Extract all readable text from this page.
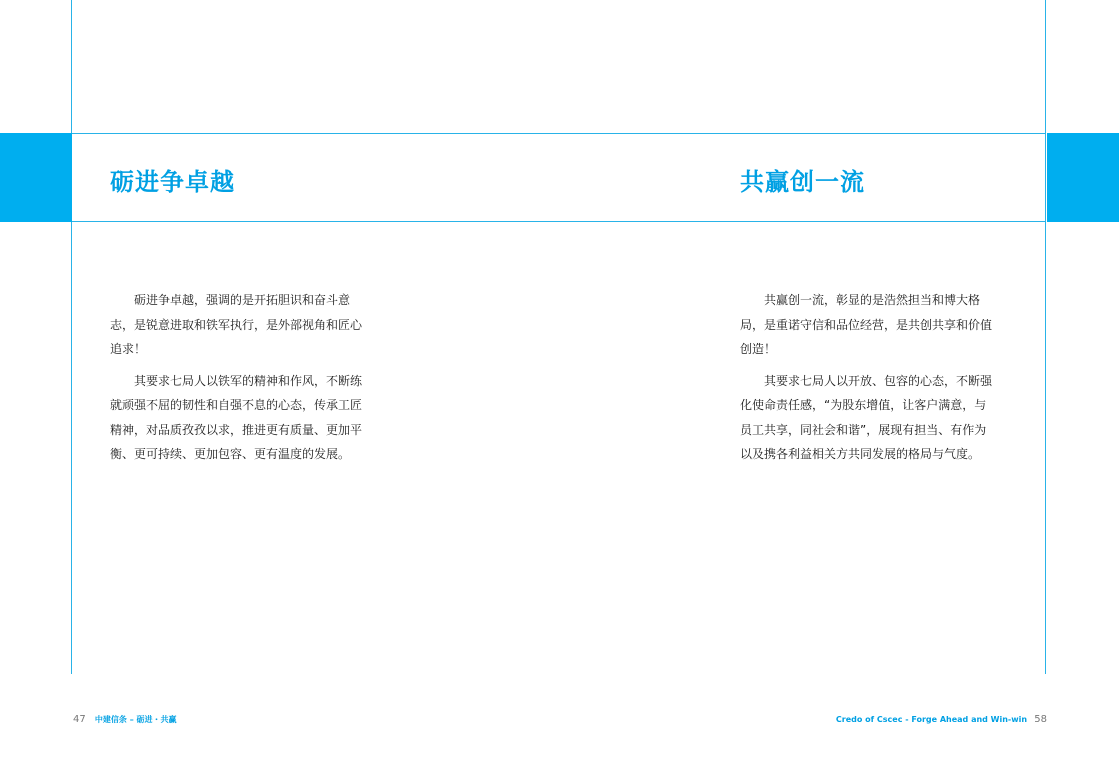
砺进争卓越

砺进争卓越，强调的是开拓胆识和奋斗意志，是锐意进取和铁军执行，是外部视角和匠心追求！

其要求七局人以铁军的精神和作风，不断练就顽强不屈的韧性和自强不息的心态，传承工匠精神，对品质孜孜以求，推进更有质量、更加平衡、更可持续、更加包容、更有温度的发展。

共赢创一流

共赢创一流，彰显的是浩然担当和博大格局，是重诺守信和品位经营，是共创共享和价值创造！

其要求七局人以开放、包容的心态，不断强化使命责任感，“为股东增值，让客户满意，与员工共享，同社会和谐”，展现有担当、有作为以及携各利益相关方共同发展的格局与气度。

47 中建信条 – 砺进・共赢	Credo of Cscec - Forge Ahead and Win-win 58
